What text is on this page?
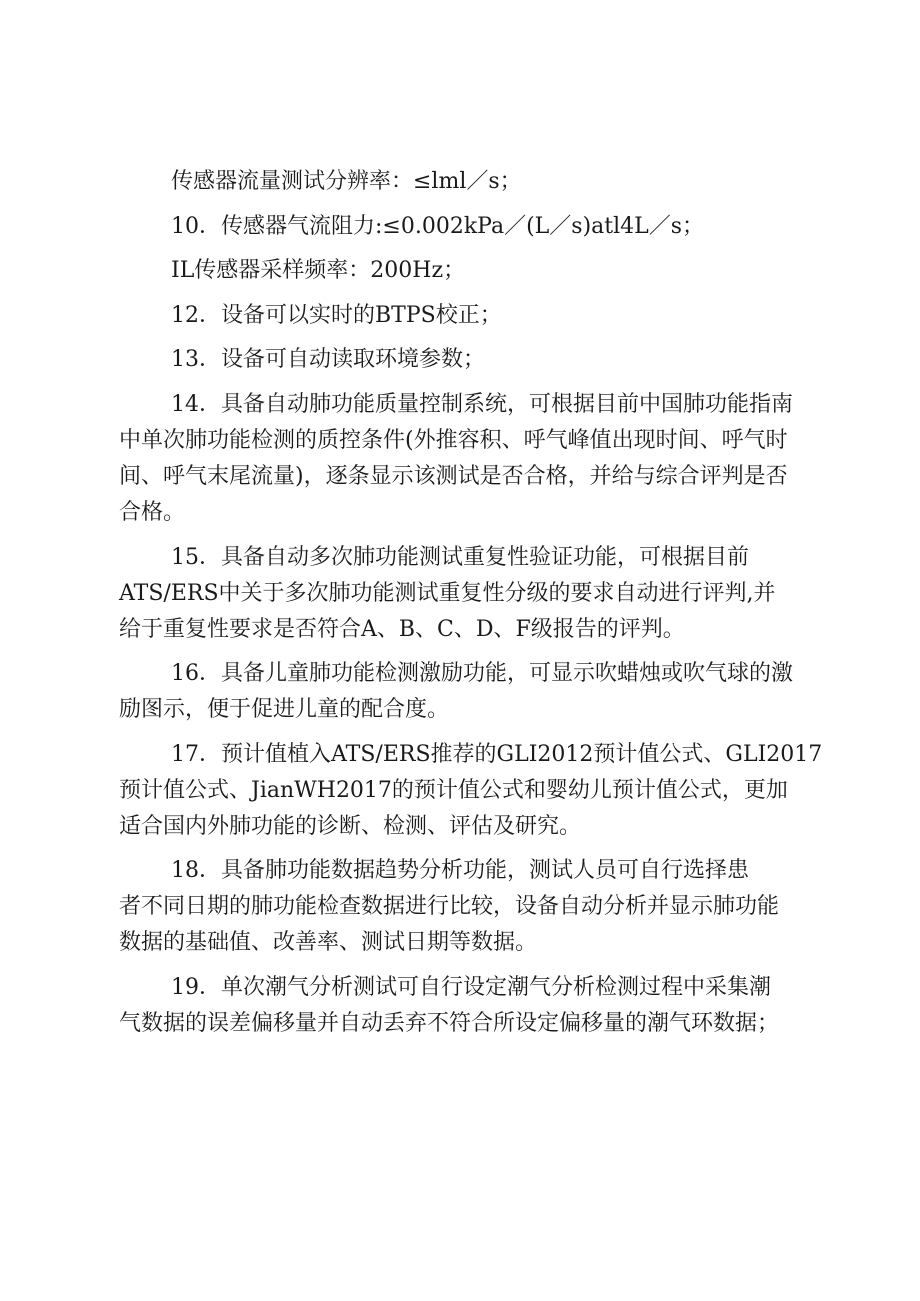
传感器流量测试分辨率：≤lml／s；
10．传感器气流阻力:≤0.002kPa／(L／s)atl4L／s；
IL传感器采样频率：200Hz；
12．设备可以实时的BTPS校正；
13．设备可自动读取环境参数；
14．具备自动肺功能质量控制系统，可根据目前中国肺功能指南
中单次肺功能检测的质控条件(外推容积、呼气峰值出现时间、呼气时
间、呼气末尾流量)，逐条显示该测试是否合格，并给与综合评判是否
合格。
15．具备自动多次肺功能测试重复性验证功能，可根据目前
ATS/ERS中关于多次肺功能测试重复性分级的要求自动进行评判,并
给于重复性要求是否符合A、B、C、D、F级报告的评判。
16．具备儿童肺功能检测激励功能，可显示吹蜡烛或吹气球的激
励图示，便于促进儿童的配合度。
17．预计值植入ATS/ERS推荐的GLI2012预计值公式、GLI2017
预计值公式、JianWH2017的预计值公式和婴幼儿预计值公式，更加
适合国内外肺功能的诊断、检测、评估及研究。
18．具备肺功能数据趋势分析功能，测试人员可自行选择患
者不同日期的肺功能检查数据进行比较，设备自动分析并显示肺功能
数据的基础值、改善率、测试日期等数据。
19．单次潮气分析测试可自行设定潮气分析检测过程中采集潮
气数据的误差偏移量并自动丢弃不符合所设定偏移量的潮气环数据；
